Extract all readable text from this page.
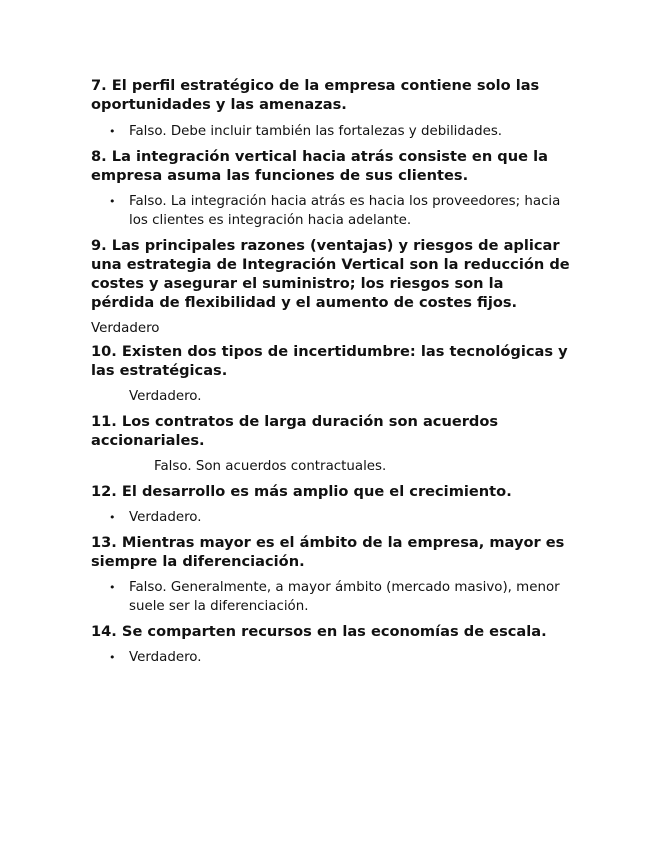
7. El perfil estratégico de la empresa contiene solo las oportunidades y las amenazas.

• Falso. Debe incluir también las fortalezas y debilidades.

8. La integración vertical hacia atrás consiste en que la empresa asuma las funciones de sus clientes.

• Falso. La integración hacia atrás es hacia los proveedores; hacia los clientes es integración hacia adelante.

9. Las principales razones (ventajas) y riesgos de aplicar una estrategia de Integración Vertical son la reducción de costes y asegurar el suministro; los riesgos son la pérdida de flexibilidad y el aumento de costes fijos.

Verdadero

10. Existen dos tipos de incertidumbre: las tecnológicas y las estratégicas.

Verdadero.

11. Los contratos de larga duración son acuerdos accionariales.

Falso. Son acuerdos contractuales.

12. El desarrollo es más amplio que el crecimiento.

• Verdadero.

13. Mientras mayor es el ámbito de la empresa, mayor es siempre la diferenciación.

• Falso. Generalmente, a mayor ámbito (mercado masivo), menor suele ser la diferenciación.

14. Se comparten recursos en las economías de escala.

• Verdadero.
